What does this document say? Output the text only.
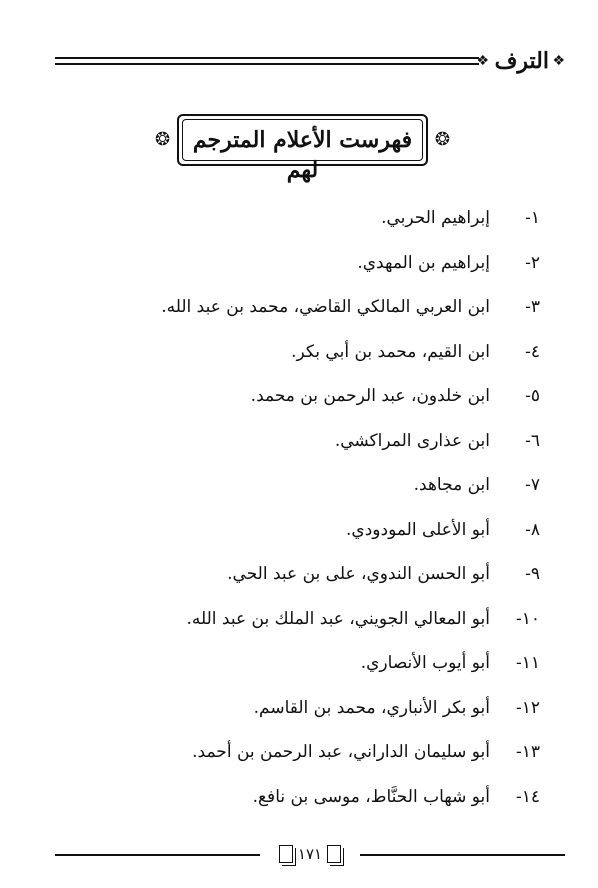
❖ الترف ❖
❂	فهرست الأعلام المترجم لهم
❂
١-
إبراهيم الحربي.
٢-
إبراهيم بن المهدي.
٣-
ابن العربي المالكي القاضي، محمد بن عبد الله.
٤-
ابن القيم، محمد بن أبي بكر.
٥-
ابن خلدون، عبد الرحمن بن محمد.
٦-
ابن عذارى المراكشي.
٧-
ابن مجاهد.
٨-
أبو الأعلى المودودي.
٩-
أبو الحسن الندوي، على بن عبد الحي.
١٠-
أبو المعالي الجويني، عبد الملك بن عبد الله.
١١-
أبو أيوب الأنصاري.
١٢-
أبو بكر الأنباري، محمد بن القاسم.
١٣-
أبو سليمان الداراني، عبد الرحمن بن أحمد.
١٤-
أبو شهاب الحنَّاط، موسى بن نافع.
١٧١
